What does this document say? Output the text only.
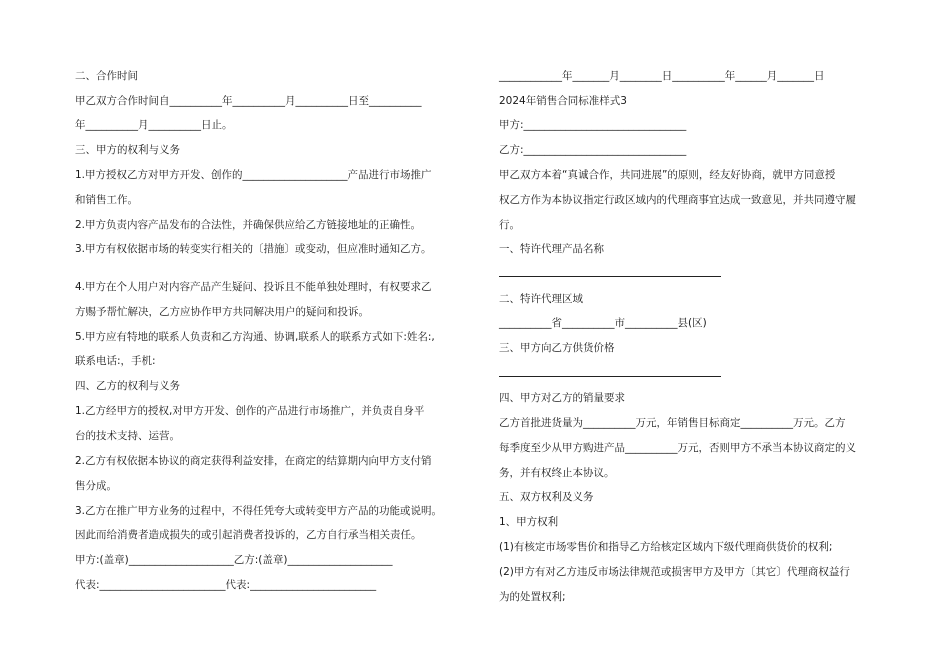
二、合作时间
甲乙双方合作时间自__________年__________月__________日至__________
年__________月__________日止。
三、甲方的权利与义务
1.甲方授权乙方对甲方开发、创作的____________________产品进行市场推广
和销售工作。
2.甲方负责内容产品发布的合法性，并确保供应给乙方链接地址的正确性。
3.甲方有权依据市场的转变实行相关的〔措施〕或变动，但应准时通知乙方。
4.甲方在个人用户对内容产品产生疑问、投诉且不能单独处理时，有权要求乙
方赐予帮忙解决，乙方应协作甲方共同解决用户的疑问和投诉。
5.甲方应有特地的联系人负责和乙方沟通、协调,联系人的联系方式如下:姓名:,
联系电话:，手机:
四、乙方的权利与义务
1.乙方经甲方的授权,对甲方开发、创作的产品进行市场推广，并负责自身平
台的技术支持、运营。
2.乙方有权依据本协议的商定获得利益安排，在商定的结算期内向甲方支付销
售分成。
3.乙方在推广甲方业务的过程中，不得任凭夸大或转变甲方产品的功能或说明。
因此而给消费者造成损失的或引起消费者投诉的，乙方自行承当相关责任。
甲方:(盖章)____________________乙方:(盖章)____________________
代表:________________________代表:________________________
____________年_______月________日__________年______月_______日
2024年销售合同标准样式3
甲方:_______________________________
乙方:_______________________________
甲乙双方本着“真诚合作，共同进展”的原则，经友好协商，就甲方同意授
权乙方作为本协议指定行政区域内的代理商事宜达成一致意见，并共同遵守履
行。
一、特许代理产品名称
二、特许代理区域
__________省__________市__________县(区)
三、甲方向乙方供货价格
四、甲方对乙方的销量要求
乙方首批进货量为__________万元，年销售目标商定__________万元。乙方
每季度至少从甲方购进产品__________万元，否则甲方不承当本协议商定的义
务，并有权终止本协议。
五、双方权利及义务
1、甲方权利
(1)有核定市场零售价和指导乙方给核定区域内下级代理商供货价的权利;
(2)甲方有对乙方违反市场法律规范或损害甲方及甲方〔其它〕代理商权益行
为的处置权利;
